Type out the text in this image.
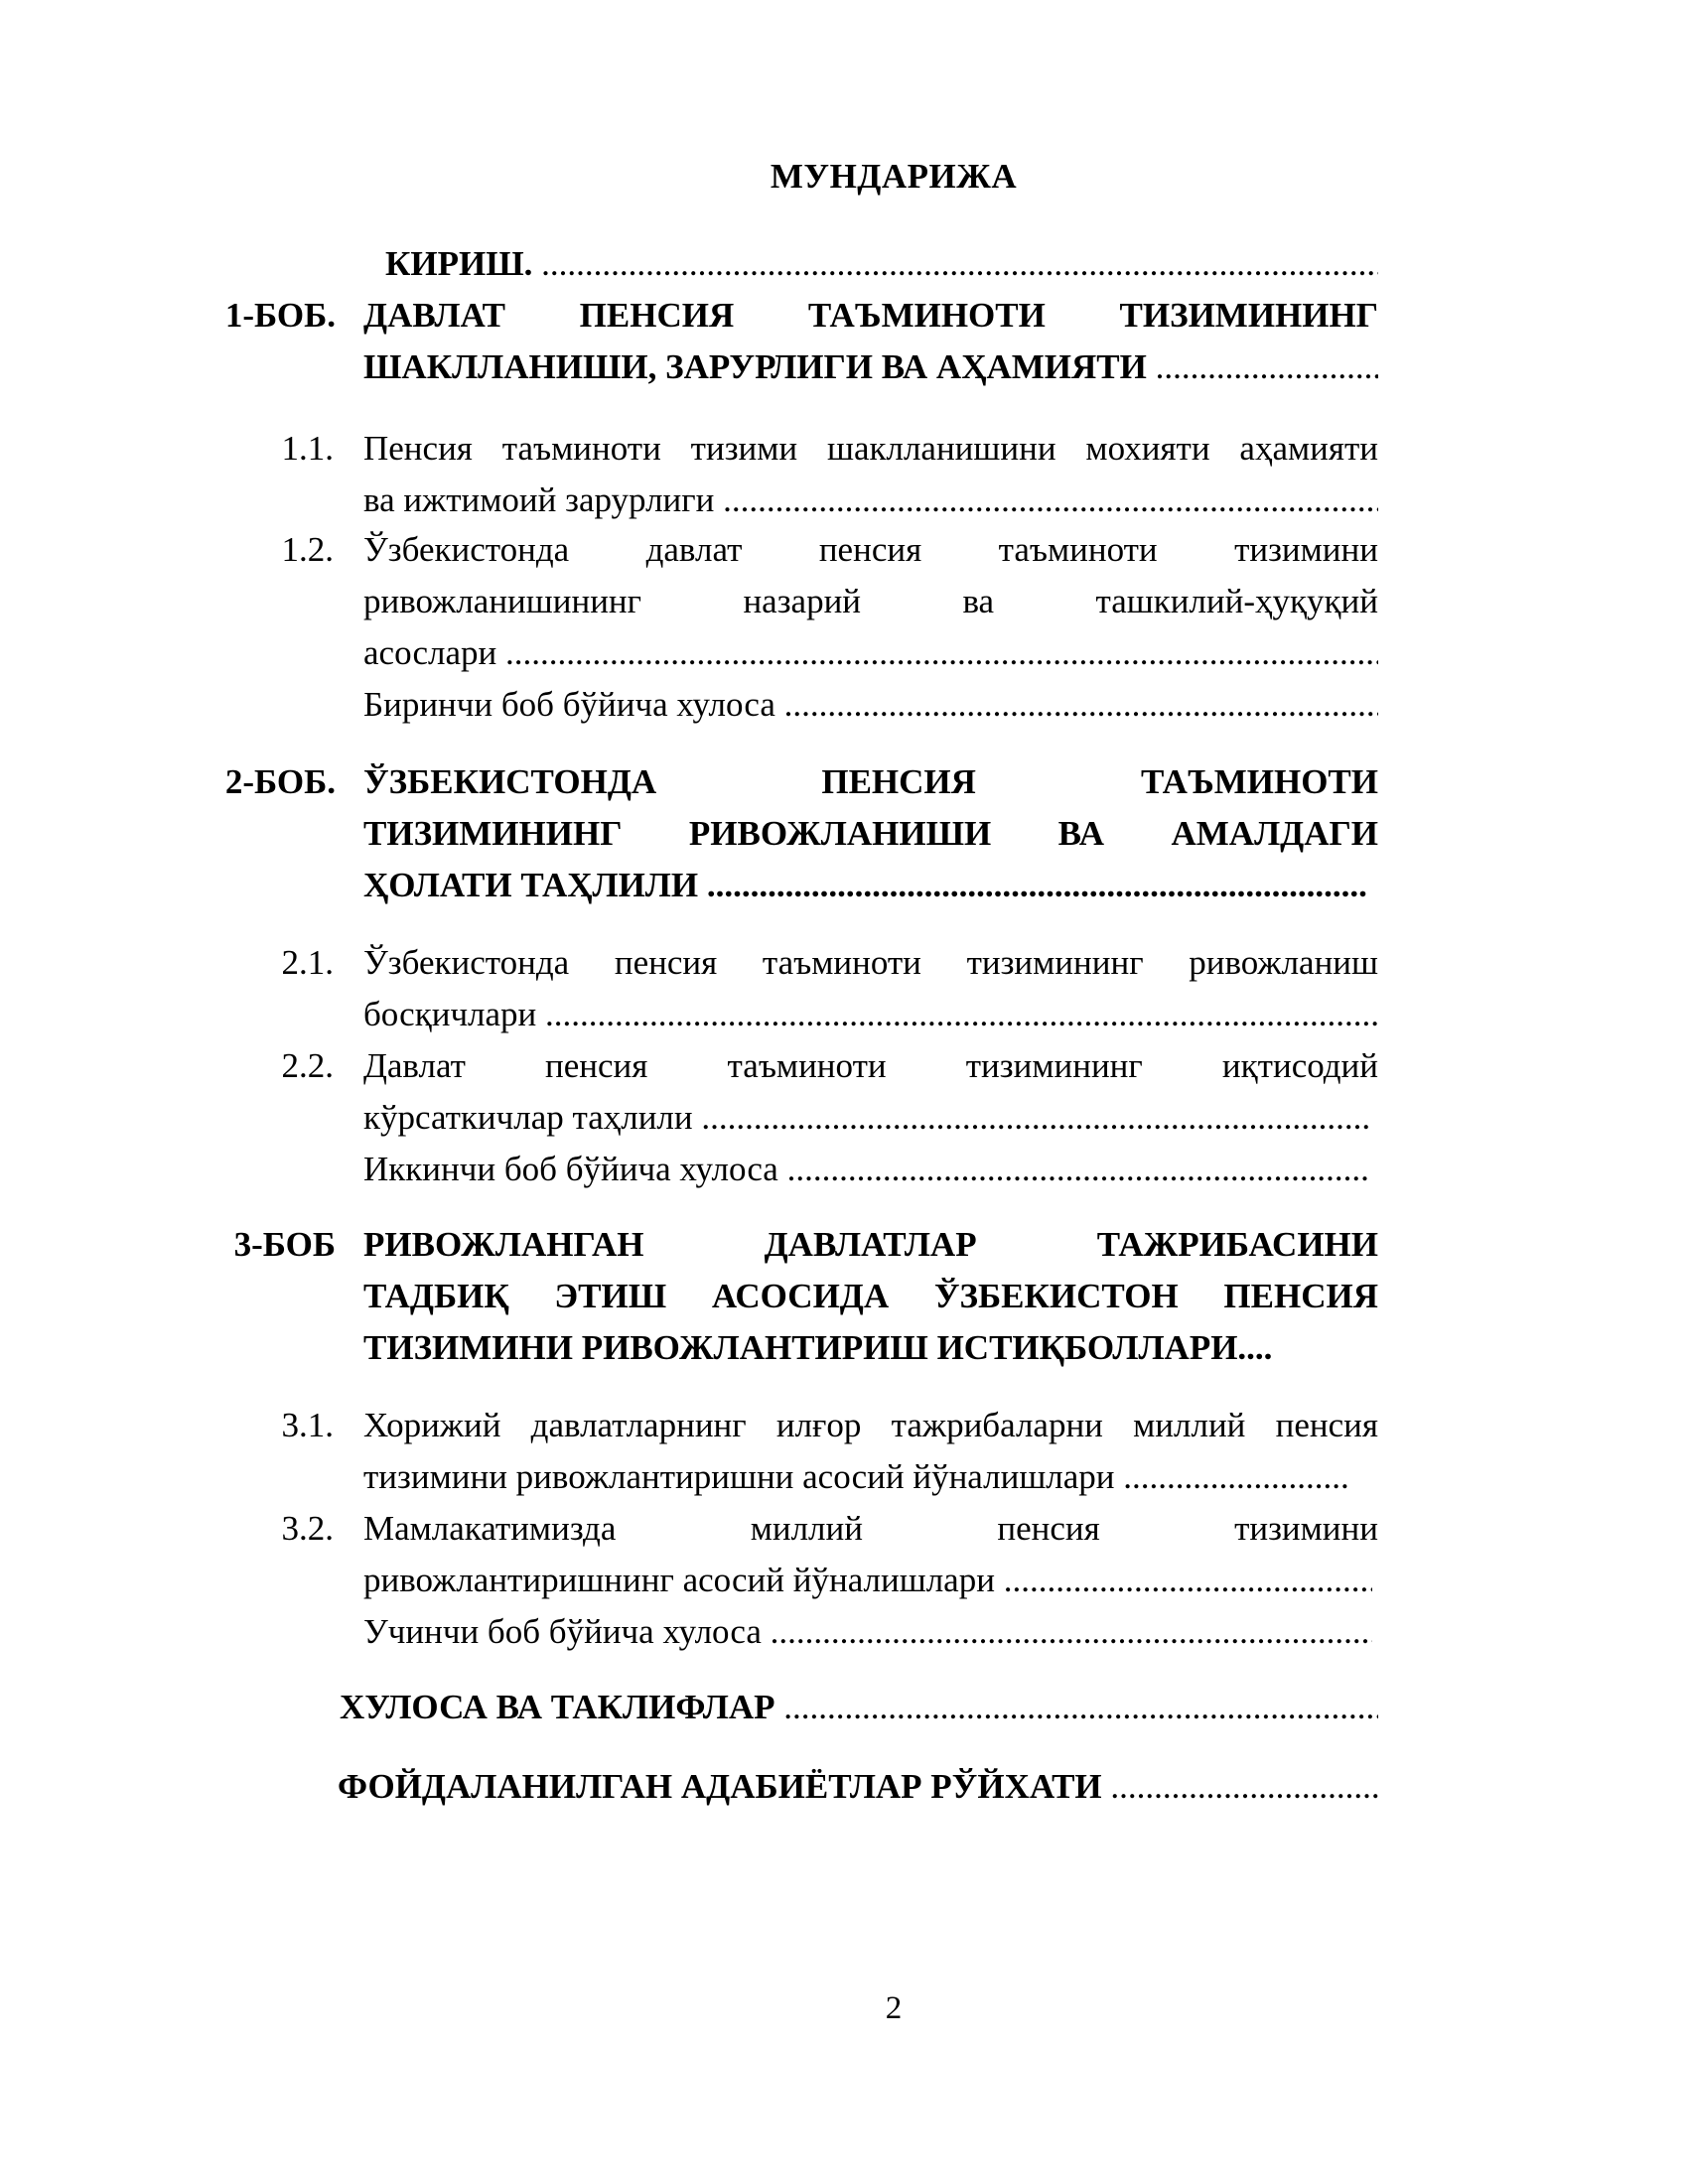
МУНДАРИЖА
КИРИШ. .....
1-БОБ. ДАВЛАТ ПЕНСИЯ ТАЪМИНОТИ ТИЗИМИНИНГ
ШАКЛЛАНИШИ, ЗАРУРЛИГИ ВА АҲАМИЯТИ .....
1.1. Пенсия таъминоти тизими шаклланишини мохияти аҳамияти
ва ижтимоий зарурлиги .....
1.2. Ўзбекистонда давлат пенсия таъминоти тизимини
ривожланишининг назарий ва ташкилий-ҳуқуқий
асослари .....
Биринчи боб бўйича хулоса .....
2-БОБ. ЎЗБЕКИСТОНДА ПЕНСИЯ ТАЪМИНОТИ
ТИЗИМИНИНГ РИВОЖЛАНИШИ ВА АМАЛДАГИ
ҲОЛАТИ ТАҲЛИЛИ .....
2.1. Ўзбекистонда пенсия таъминоти тизимининг ривожланиш
босқичлари .....
2.2. Давлат пенсия таъминоти тизимининг иқтисодий
кўрсаткичлар таҳлили .....
Иккинчи боб бўйича хулоса .....
3-БОБ РИВОЖЛАНГАН ДАВЛАТЛАР ТАЖРИБАСИНИ
ТАДБИҚ ЭТИШ АСОСИДА ЎЗБЕКИСТОН ПЕНСИЯ
ТИЗИМИНИ РИВОЖЛАНТИРИШ ИСТИҚБОЛЛАРИ....
3.1. Хорижий давлатларнинг илғор тажрибаларни миллий пенсия
тизимини ривожлантиришни асосий йўналишлари .....
3.2. Мамлакатимизда миллий пенсия тизимини
ривожлантиришнинг асосий йўналишлари .....
Учинчи боб бўйича хулоса .....
ХУЛОСА ВА ТАКЛИФЛАР .....
ФОЙДАЛАНИЛГАН АДАБИЁТЛАР РЎЙХАТИ .....
2
